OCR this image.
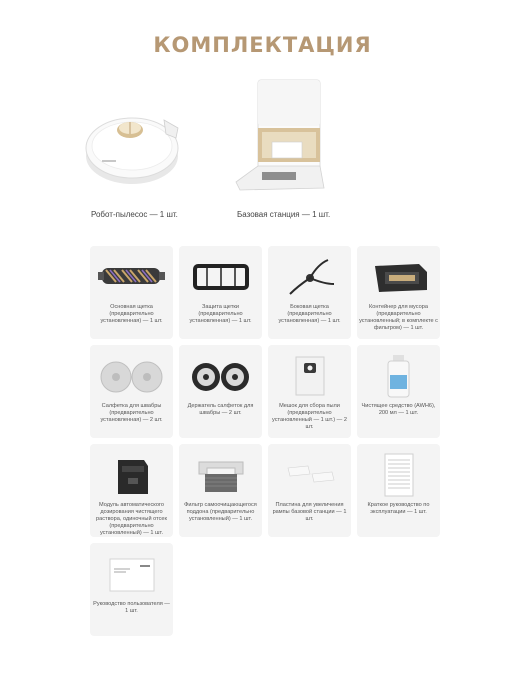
КОМПЛЕКТАЦИЯ
Робот-пылесос — 1 шт.	Базовая станция — 1 шт.
Основная щетка (предварительно установленная) — 1 шт.
Защита щетки (предварительно установленная) — 1 шт.
Боковая щетка (предварительно установленная) — 1 шт.
Контейнер для мусора (предварительно установленный; в комплекте с фильтром) — 1 шт.
Салфетка для швабры (предварительно установленная) — 2 шт.
Держатель салфеток для швабры — 2 шт.
Мешок для сбора пыли (предварительно установленный — 1 шт.) — 2 шт.
Чистящее средство (AWH6), 200 мл — 1 шт.
Модуль автоматического дозирования чистящего раствора, одиночный отсек (предварительно установленный) — 1 шт.
Фильтр самоочищающегося поддона (предварительно установленный) — 1 шт.
Пластина для увеличения рампы базовой станции — 1 шт.
Краткое руководство по эксплуатации — 1 шт.
Руководство пользователя — 1 шт.
